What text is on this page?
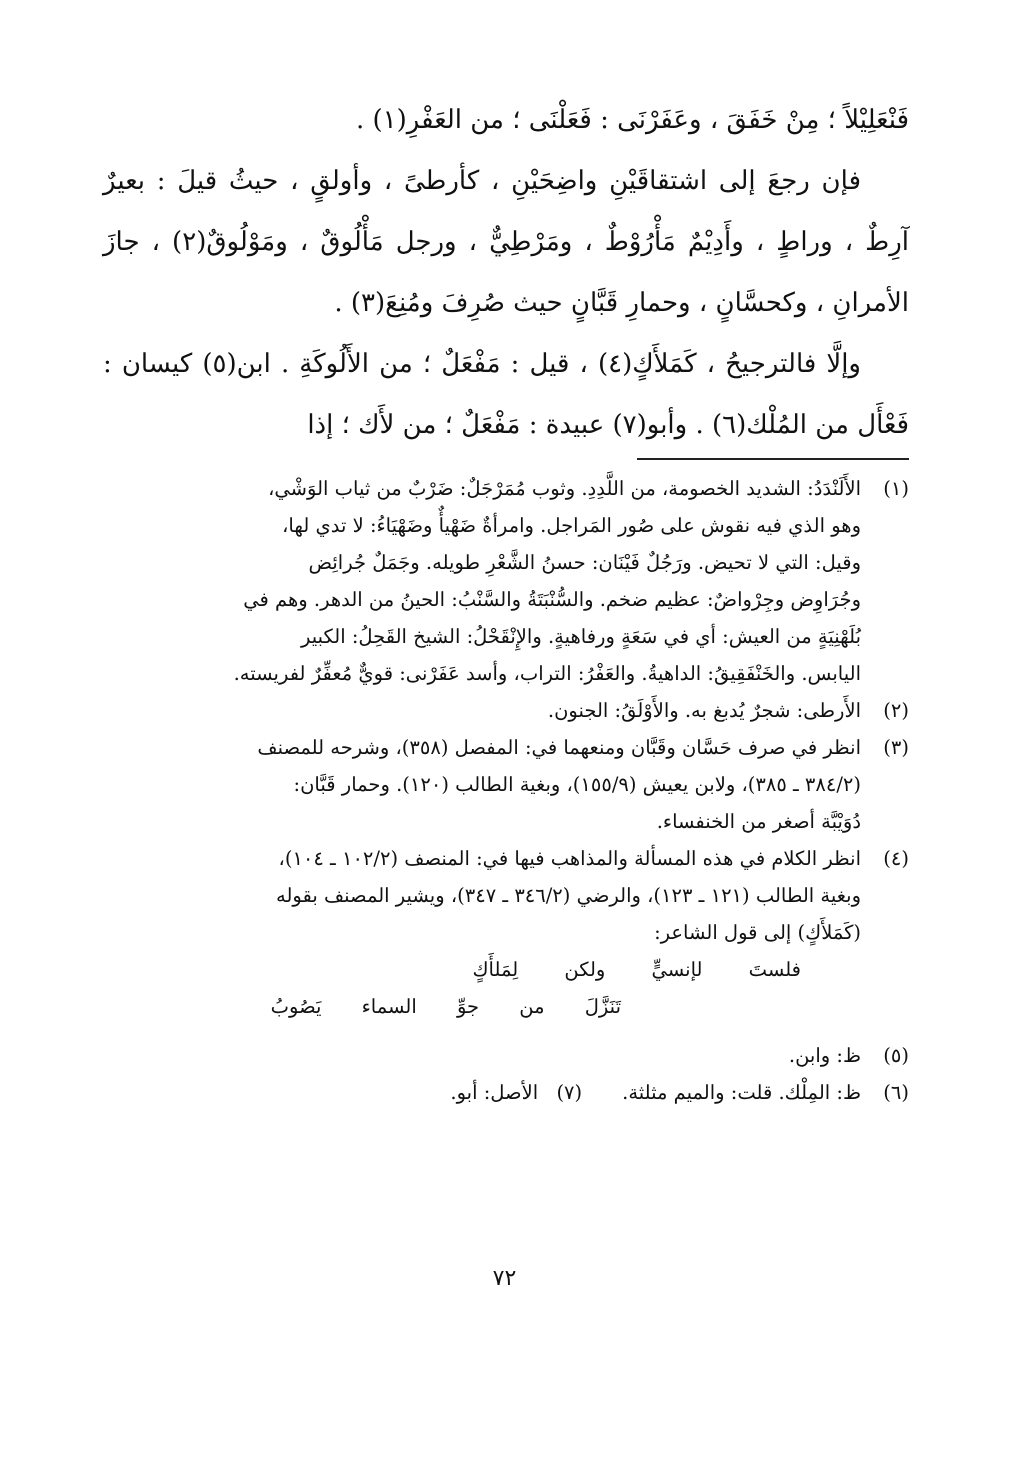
فَنْعَلِيْلاً ؛ مِنْ خَفَقَ ، وعَفَرْنَى : فَعَلْنَى ؛ من العَفْرِ(١) .

فإن رجعَ إلى اشتقاقَيْنِ واضِحَيْنِ ، كأرطىً ، وأولقٍ ، حيثُ قيلَ : بعيرٌ آرِطٌ ، وراطٍ ، وأَدِيْمٌ مَأْرُوْطٌ ، ومَرْطِيٌّ ، ورجل مَأْلُوقٌ ، ومَوْلُوقٌ(٢) ، جازَ الأمرانِ ، وكحسَّانٍ ، وحمارِ قَبَّانٍ حيث صُرِفَ ومُنِعَ(٣) .

وإلَّا فالترجيحُ ، كَمَلأَكٍ(٤) ، قيل : مَفْعَلٌ ؛ من الأَلُوكَةِ . ابن(٥) كيسان : فَعْأَل من المُلْك(٦) . وأبو(٧) عبيدة : مَفْعَلٌ ؛ من لأَك ؛ إذا

(١)

الأَلَنْدَدُ: الشديد الخصومة، من اللَّدِدِ. وثوب مُمَرْجَلٌ: ضَرْبٌ من ثياب الوَشْي،

وهو الذي فيه نقوش على صُور المَراجل. وامرأةٌ ضَهْيأٌ وضَهْيَاءُ: لا تدي لها،

وقيل: التي لا تحيض. ورَجُلٌ فَيْنَان: حسنُ الشَّعْرِ طويله. وجَمَلٌ جُرائِض

وجُرَاوِض وجِرْواضٌ: عظيم ضخم. والسُّنْبَتَةُ والسَّنْبُ: الحينُ من الدهر. وهم في

بُلَهْنِيَةٍ من العيش: أي في سَعَةٍ ورفاهيةٍ. والإِنْقَحْلُ: الشيخ القَحِلُ: الكبير

اليابس. والخَنْفَقِيقُ: الداهيةُ. والعَفْرُ: التراب، وأسد عَفَرْنى: قويٌّ مُعفِّرٌ لفريسته.

(٢)

الأَرطى: شجرٌ يُدبغ به. والأَوْلَقُ: الجنون.

(٣)

انظر في صرف حَسَّان وقَبَّان ومنعهما في: المفصل (٣٥٨)، وشرحه للمصنف

(٣٨٤/٢ ـ ٣٨٥)، ولابن يعيش (١٥٥/٩)، وبغية الطالب (١٢٠). وحمار قَبَّان:

دُوَيْبَّة أصغر من الخنفساء.

(٤)

انظر الكلام في هذه المسألة والمذاهب فيها في: المنصف (١٠٢/٢ ـ ١٠٤)،

وبغية الطالب (١٢١ ـ ١٢٣)، والرضي (٣٤٦/٢ ـ ٣٤٧)، ويشير المصنف بقوله

(كَمَلأَكٍ) إلى قول الشاعر:

فلستَ لإنسيٍّ ولكن لِمَلأَكٍ
تَنَزَّلَ من جوِّ السماء يَصُوبُ
(٥)

ظ: وابن.

(٦)
ظ: المِلْك. قلت: والميم مثلثة.
(٧)
الأصل: أبو.
٧٢
